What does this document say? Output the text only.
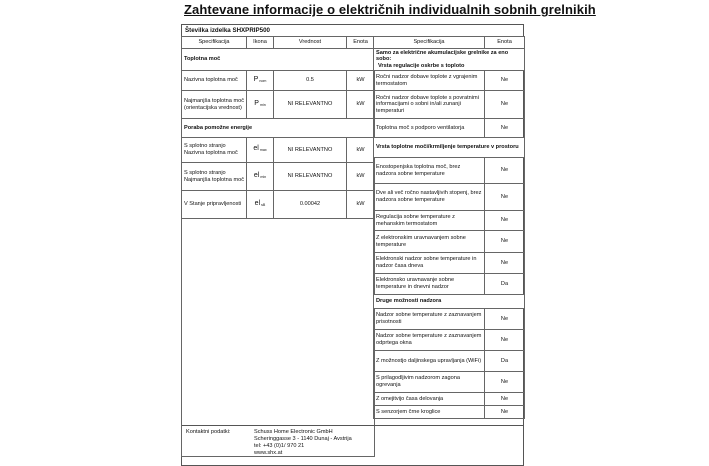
Zahtevane informacije o električnih individualnih sobnih grelnikih
Številka izdelka SHXPRIP500
Specifikacija	Ikona	Vrednost	Enota
Toplotna moč			
Nazivna toplotna moč	$P_{nom}$	0.5	kW
Najmanjša toplotna moč (orientacijska vrednost)	$P_{min}$	NI RELEVANTNO	kW
Poraba pomožne energije			
S splotno stranjo Nazivna toplotna moč	$el_{max}$	NI RELEVANTNO	kW
S splotno stranjo Najmanjša toplotna moč	$el_{min}$	NI RELEVANTNO	kW
V Stanje pripravljenosti	$el_{sB}$	0.00042	kW

Specifikacija	Enota

Samo za električne akumulacijske grelnike za eno sobo:
Vrsta regulacije oskrbe s toploto	

Ročni nadzor dobave toplote z vgrajenim termostatom	Ne
Ročni nadzor dobave toplote s povratnimi informacijami o sobni in/ali zunanji temperaturi	Ne
Toplotna moč s podporo ventilatorja	Ne
Vrsta toplotne moči/krmiljenje temperature v prostoru	
Enostopenjska toplotna moč, brez nadzora sobne temperature	Ne
Dve ali več ročno nastavljivih stopenj, brez nadzora sobne temperature	Ne
Regulacija sobne temperature z mehanskim termostatom	Ne
Z elektronskim uravnavanjem sobne temperature	Ne
Elektronski nadzor sobne temperature in nadzor časa dneva	Ne
Elektronsko uravnavanje sobne temperature in dnevni nadzor	Da
Druge možnosti nadzora	
Nadzor sobne temperature z zaznavanjem prisotnosti	Ne
Nadzor sobne temperature z zaznavanjem odprtega okna	Ne
Z možnostjo daljinskega upravljanja (WiFi)	Da
S prilagodljivim nadzorom zagona ogrevanja	Ne
Z omejitvijo časa delovanja	Ne
S senzorjem črne kroglice	Ne
Kontaktni podatki:	Schuss Home Electronic GmbH
Scheringgasse 3 - 1140 Dunaj - Avstrija
tel: +43 (0)1/ 970 21
www.shx.at
